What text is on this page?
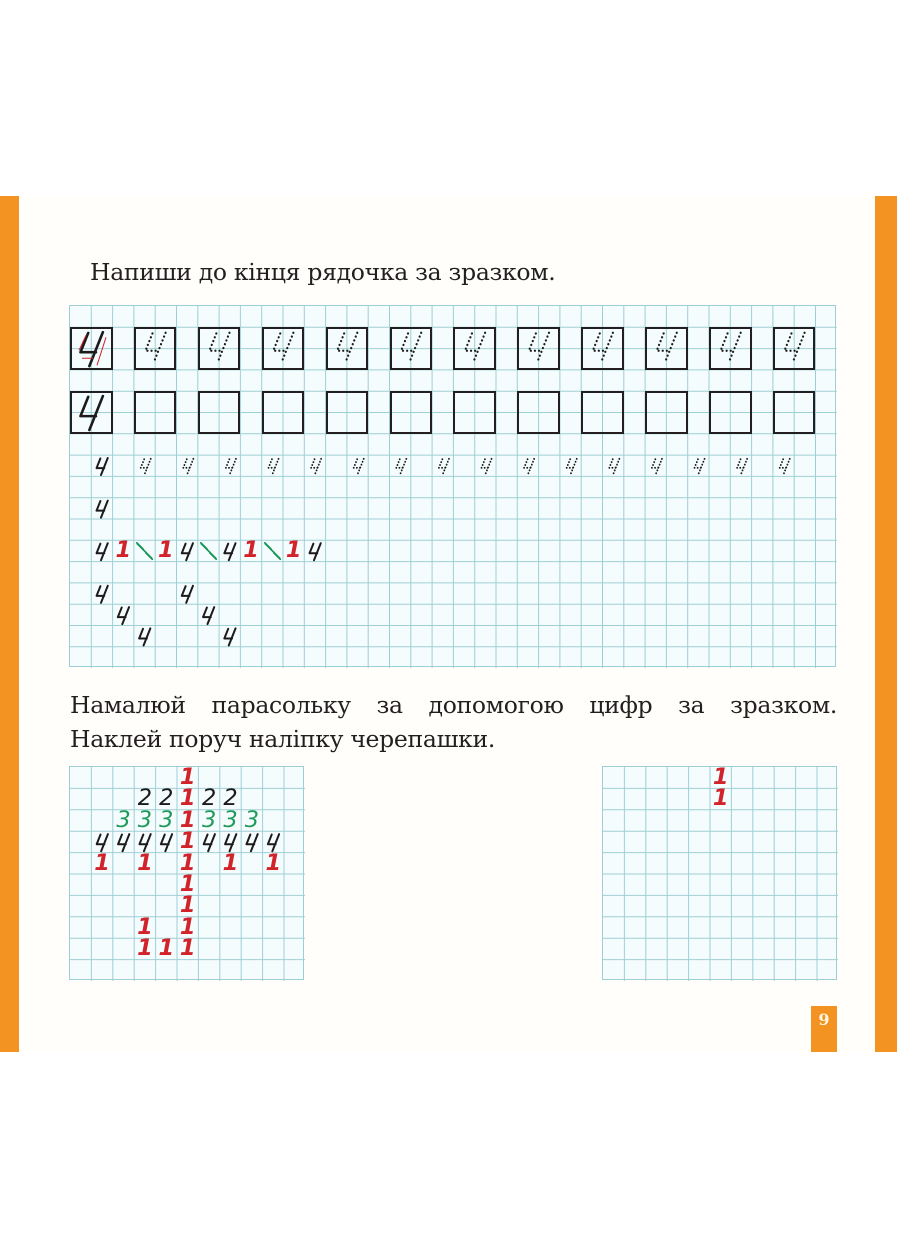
Напиши до кінця рядочка за зразком.
1 1	1 1
Намалюй парасольку за допомогою цифр за зразком.
Наклей поруч наліпку черепашки.
1
2 2 1 2 2
3 3 3 1 3 3 3
1
1 1 1 1 1
1
1
1 1
1 1 1
1
1
9
